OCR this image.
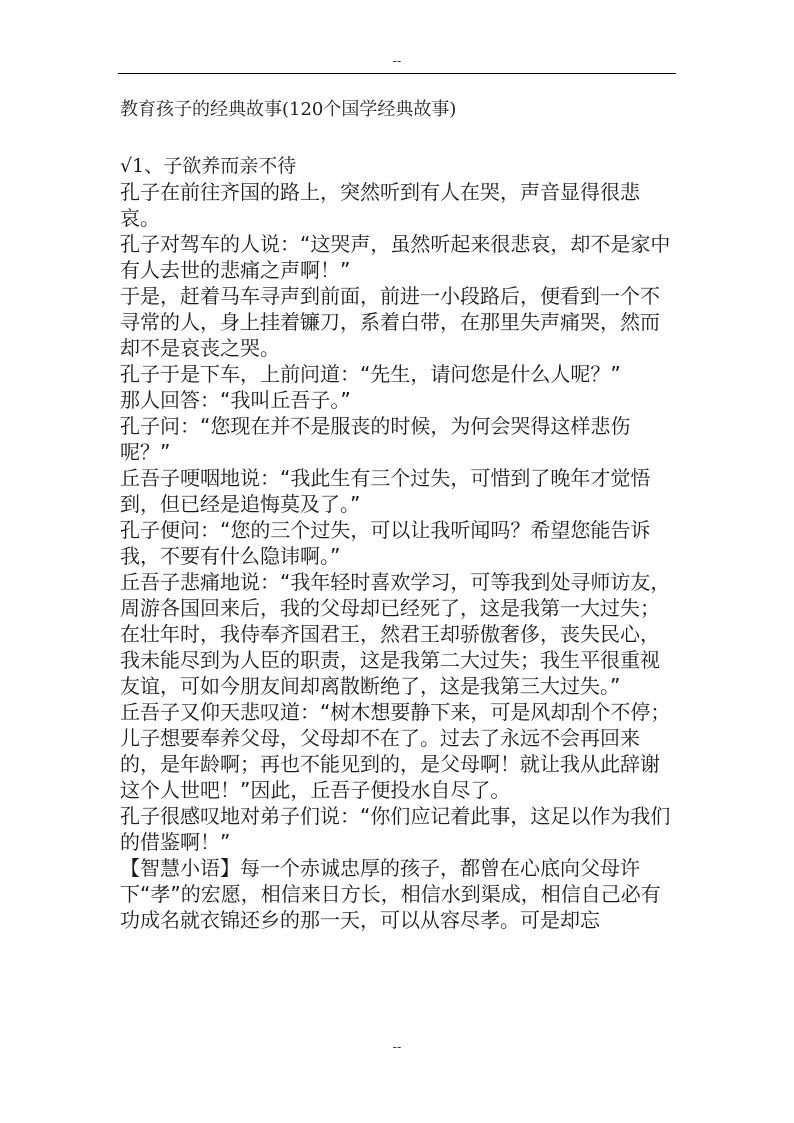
--
教育孩子的经典故事(120个国学经典故事)

√1、子欲养而亲不待

孔子在前往齐国的路上，突然听到有人在哭，声音显得很悲哀。

孔子对驾车的人说：“这哭声，虽然听起来很悲哀，却不是家中有人去世的悲痛之声啊！”

于是，赶着马车寻声到前面，前进一小段路后，便看到一个不寻常的人，身上挂着镰刀，系着白带，在那里失声痛哭，然而却不是哀丧之哭。

孔子于是下车，上前问道：“先生，请问您是什么人呢？”

那人回答：“我叫丘吾子。”

孔子问：“您现在并不是服丧的时候，为何会哭得这样悲伤呢？”

丘吾子哽咽地说：“我此生有三个过失，可惜到了晚年才觉悟到，但已经是追悔莫及了。”

孔子便问：“您的三个过失，可以让我听闻吗？希望您能告诉我，不要有什么隐讳啊。”

丘吾子悲痛地说：“我年轻时喜欢学习，可等我到处寻师访友，周游各国回来后，我的父母却已经死了，这是我第一大过失；在壮年时，我侍奉齐国君王，然君王却骄傲奢侈，丧失民心，我未能尽到为人臣的职责，这是我第二大过失；我生平很重视友谊，可如今朋友间却离散断绝了，这是我第三大过失。”

丘吾子又仰天悲叹道：“树木想要静下来，可是风却刮个不停；儿子想要奉养父母，父母却不在了。过去了永远不会再回来的，是年龄啊；再也不能见到的，是父母啊！就让我从此辞谢这个人世吧！”因此，丘吾子便投水自尽了。

孔子很感叹地对弟子们说：“你们应记着此事，这足以作为我们的借鉴啊！”

【智慧小语】每一个赤诚忠厚的孩子，都曾在心底向父母许下“孝”的宏愿，相信来日方长，相信水到渠成，相信自己必有功成名就衣锦还乡的那一天，可以从容尽孝。可是却忘

--
